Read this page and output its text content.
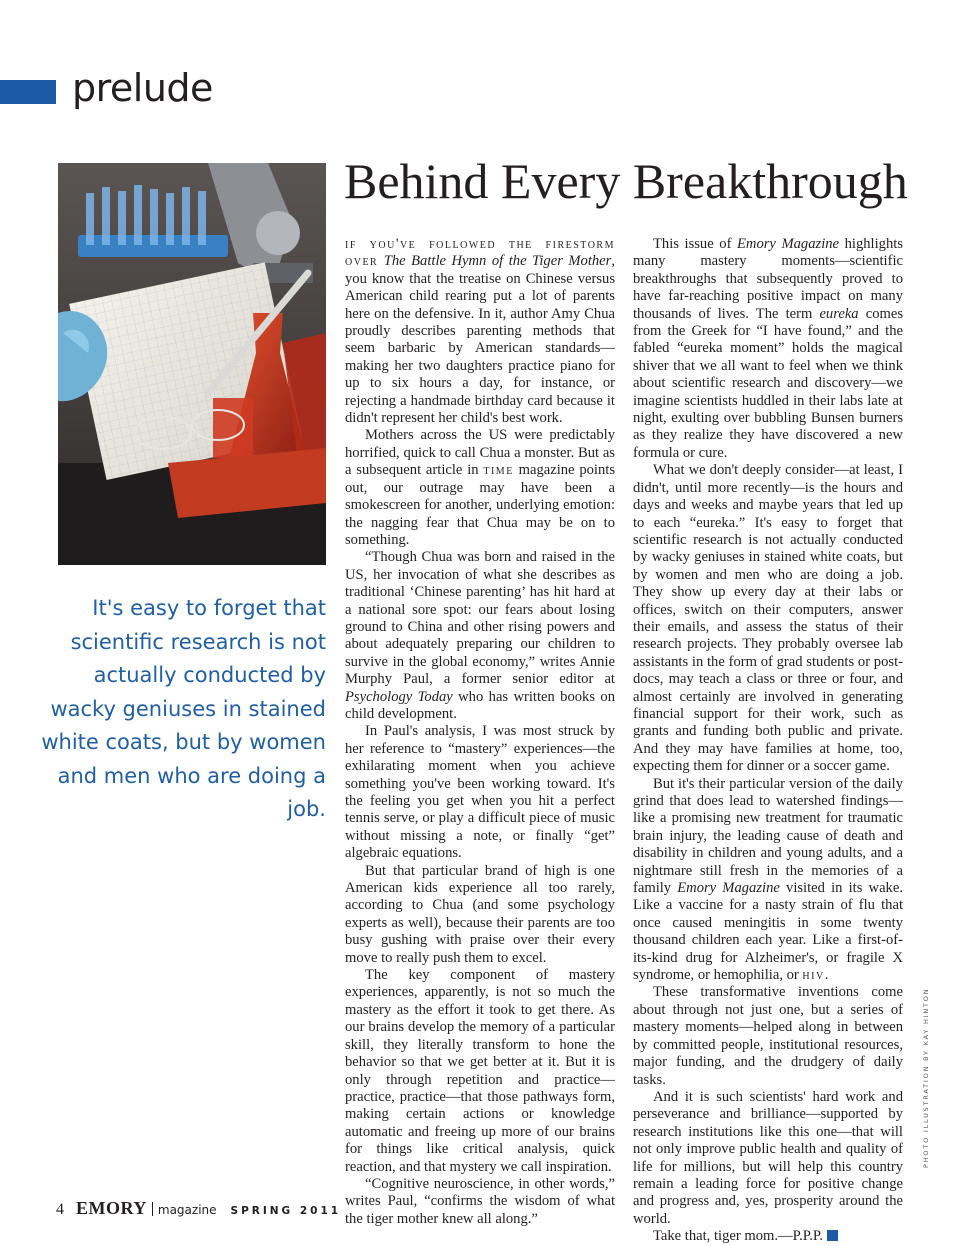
prelude

It's easy to forget that scientific research is not actually conducted by wacky geniuses in stained white coats, but by women and men who are doing a job.

Behind Every Breakthrough

if you've followed the firestorm over The Battle Hymn of the Tiger Mother, you know that the treatise on Chinese versus American child rearing put a lot of parents here on the defensive. In it, author Amy Chua proudly describes parenting methods that seem barbaric by American standards—making her two daughters practice piano for up to six hours a day, for instance, or rejecting a handmade birthday card because it didn't represent her child's best work.

Mothers across the US were predictably horrified, quick to call Chua a monster. But as a subsequent article in time magazine points out, our outrage may have been a smokescreen for another, underlying emotion: the nagging fear that Chua may be on to something.

“Though Chua was born and raised in the US, her invocation of what she describes as traditional ‘Chinese parenting’ has hit hard at a national sore spot: our fears about losing ground to China and other rising powers and about adequately preparing our children to survive in the global economy,” writes Annie Murphy Paul, a former senior editor at Psychology Today who has written books on child development.

In Paul's analysis, I was most struck by her reference to “mastery” experiences—the exhilarating moment when you achieve something you've been working toward. It's the feeling you get when you hit a perfect tennis serve, or play a difficult piece of music without missing a note, or finally “get” algebraic equations.

But that particular brand of high is one American kids experience all too rarely, according to Chua (and some psychology experts as well), because their parents are too busy gushing with praise over their every move to really push them to excel.

The key component of mastery experiences, apparently, is not so much the mastery as the effort it took to get there. As our brains develop the memory of a particular skill, they literally transform to hone the behavior so that we get better at it. But it is only through repetition and practice—practice, practice—that those pathways form, making certain actions or knowledge automatic and freeing up more of our brains for things like critical analysis, quick reaction, and that mystery we call inspiration.

“Cognitive neuroscience, in other words,” writes Paul, “confirms the wisdom of what the tiger mother knew all along.”

This issue of Emory Magazine highlights many mastery moments—scientific breakthroughs that subsequently proved to have far-reaching positive impact on many thousands of lives. The term eureka comes from the Greek for “I have found,” and the fabled “eureka moment” holds the magical shiver that we all want to feel when we think about scientific research and discovery—we imagine scientists huddled in their labs late at night, exulting over bubbling Bunsen burners as they realize they have discovered a new formula or cure.

What we don't deeply consider—at least, I didn't, until more recently—is the hours and days and weeks and maybe years that led up to each “eureka.” It's easy to forget that scientific research is not actually conducted by wacky geniuses in stained white coats, but by women and men who are doing a job. They show up every day at their labs or offices, switch on their computers, answer their emails, and assess the status of their research projects. They probably oversee lab assistants in the form of grad students or post-docs, may teach a class or three or four, and almost certainly are involved in generating financial support for their work, such as grants and funding both public and private. And they may have families at home, too, expecting them for dinner or a soccer game.

But it's their particular version of the daily grind that does lead to watershed findings—like a promising new treatment for traumatic brain injury, the leading cause of death and disability in children and young adults, and a nightmare still fresh in the memories of a family Emory Magazine visited in its wake. Like a vaccine for a nasty strain of flu that once caused meningitis in some twenty thousand children each year. Like a first-of-its-kind drug for Alzheimer's, or fragile X syndrome, or hemophilia, or hiv.

These transformative inventions come about through not just one, but a series of mastery moments—helped along in between by committed people, institutional resources, major funding, and the drudgery of daily tasks.

And it is such scientists' hard work and perseverance and brilliance—supported by research institutions like this one—that will not only improve public health and quality of life for millions, but will help this country remain a leading force for positive change and progress and, yes, prosperity around the world.

Take that, tiger mom.—P.P.P.

PHOTO ILLUSTRATION BY KAY HINTON
4 EMORY magazine SPRING 2011
